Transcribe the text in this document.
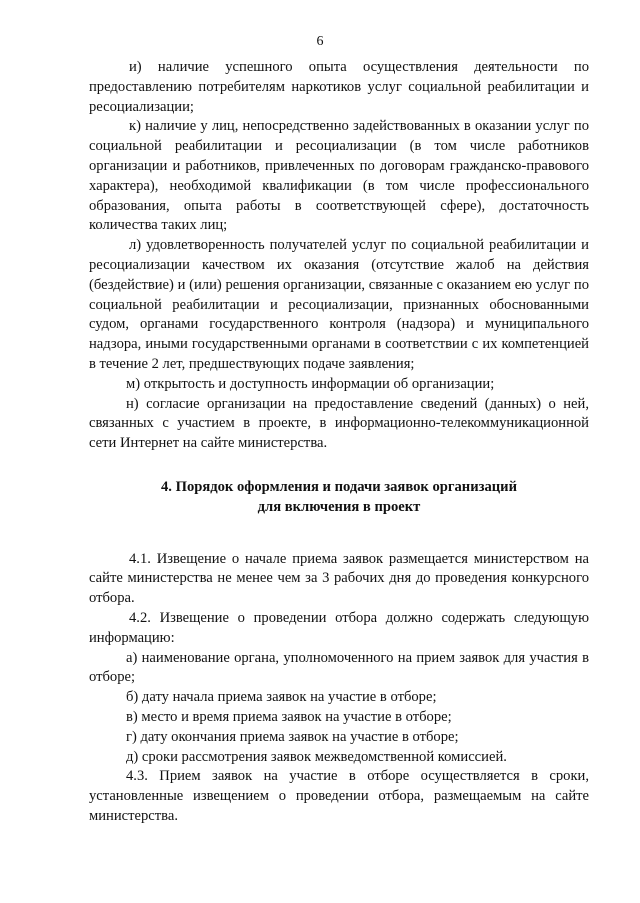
6

и) наличие успешного опыта осуществления деятельности по предоставлению потребителям наркотиков услуг социальной реабилитации и ресоциализации;

к) наличие у лиц, непосредственно задействованных в оказании услуг по социальной реабилитации и ресоциализации (в том числе работников организации и работников, привлеченных по договорам гражданско-правового характера), необходимой квалификации (в том числе профессионального образования, опыта работы в соответствующей сфере), достаточность количества таких лиц;

л) удовлетворенность получателей услуг по социальной реабилитации и ресоциализации качеством их оказания (отсутствие жалоб на действия (бездействие) и (или) решения организации, связанные с оказанием ею услуг по социальной реабилитации и ресоциализации, признанных обоснованными судом, органами государственного контроля (надзора) и муниципального надзора, иными государственными органами в соответствии с их компетенцией в течение 2 лет, предшествующих подаче заявления;

м) открытость и доступность информации об организации;

н) согласие организации на предоставление сведений (данных) о ней, связанных с участием в проекте, в информационно-телекоммуникационной сети Интернет на сайте министерства.

4. Порядок оформления и подачи заявок организаций
для включения в проект

4.1. Извещение о начале приема заявок размещается министерством на сайте министерства не менее чем за 3 рабочих дня до проведения конкурсного отбора.

4.2. Извещение о проведении отбора должно содержать следующую информацию:

а) наименование органа, уполномоченного на прием заявок для участия в отборе;

б) дату начала приема заявок на участие в отборе;

в) место и время приема заявок на участие в отборе;

г) дату окончания приема заявок на участие в отборе;

д) сроки рассмотрения заявок межведомственной комиссией.

4.3. Прием заявок на участие в отборе осуществляется в сроки, установленные извещением о проведении отбора, размещаемым на сайте министерства.
